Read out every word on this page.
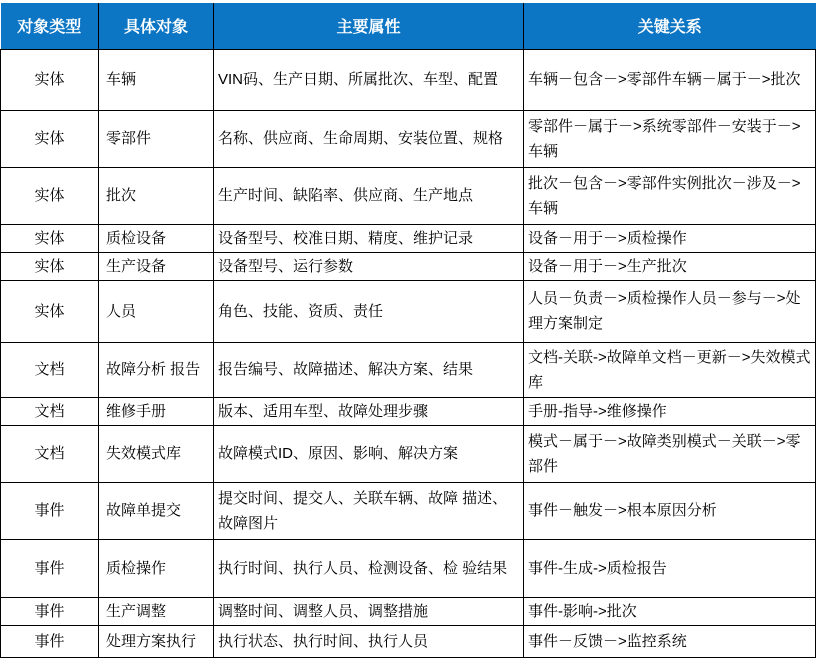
对象类型	具体对象	主要属性	关键关系
实体	车辆	VIN码、生产日期、所属批次、车型、配置	车辆－包含－>零部件车辆－属于－>批次
实体	零部件	名称、供应商、生命周期、安装位置、规格	零部件－属于－>系统零部件－安装于－>车辆
实体	批次	生产时间、缺陷率、供应商、生产地点	批次－包含－>零部件实例批次－涉及－>车辆
实体	质检设备	设备型号、校准日期、精度、维护记录	设备－用于－>质检操作
实体	生产设备	设备型号、运行参数	设备－用于－>生产批次
实体	人员	角色、技能、资质、责任	人员－负责－>质检操作人员－参与－>处理方案制定
文档	故障分析 报告	报告编号、故障描述、解决方案、结果	文档-关联->故障单文档－更新－>失效模式库
文档	维修手册	版本、适用车型、故障处理步骤	手册-指导->维修操作
文档	失效模式库	故障模式ID、原因、影响、解决方案	模式－属于－>故障类别模式－关联－>零部件
事件	故障单提交	提交时间、提交人、关联车辆、故障 描述、故障图片	事件－触发－>根本原因分析
事件	质检操作	执行时间、执行人员、检测设备、检 验结果	事件-生成->质检报告
事件	生产调整	调整时间、调整人员、调整措施	事件-影响->批次
事件	处理方案执行	执行状态、执行时间、执行人员	事件－反馈－>监控系统
